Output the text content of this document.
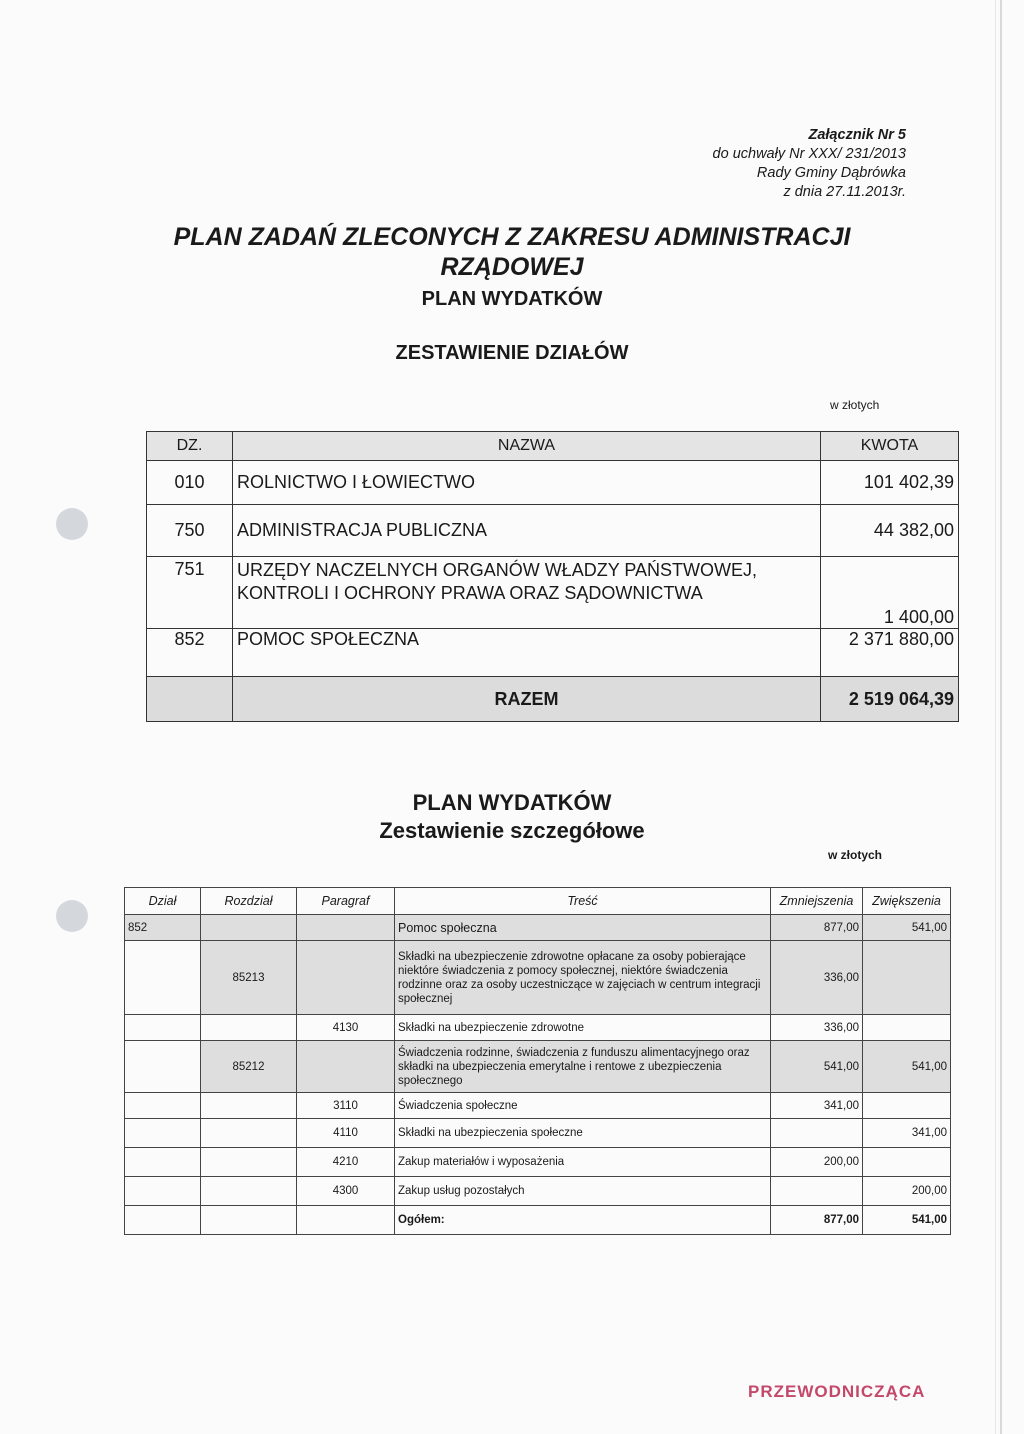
Załącznik Nr 5
do uchwały Nr XXX/ 231/2013
Rady Gminy Dąbrówka
z dnia 27.11.2013r.
PLAN ZADAŃ ZLECONYCH Z ZAKRESU ADMINISTRACJI
RZĄDOWEJ
PLAN WYDATKÓW
ZESTAWIENIE DZIAŁÓW
w złotych
DZ.	NAZWA	KWOTA
010	ROLNICTWO I ŁOWIECTWO	101 402,39
750	ADMINISTRACJA PUBLICZNA	44 382,00
751	URZĘDY NACZELNYCH ORGANÓW WŁADZY PAŃSTWOWEJ, KONTROLI I OCHRONY PRAWA ORAZ SĄDOWNICTWA	1 400,00
852	POMOC SPOŁECZNA	2 371 880,00
	RAZEM	2 519 064,39
PLAN WYDATKÓW
Zestawienie szczegółowe
w złotych
Dział	Rozdział	Paragraf	Treść	Zmniejszenia	Zwiększenia
852			Pomoc społeczna	877,00	541,00
	85213		Składki na ubezpieczenie zdrowotne opłacane za osoby pobierające niektóre świadczenia z pomocy społecznej, niektóre świadczenia rodzinne oraz za osoby uczestniczące w zajęciach w centrum integracji społecznej	336,00	
		4130	Składki na ubezpieczenie zdrowotne	336,00	
	85212		Świadczenia rodzinne, świadczenia z funduszu alimentacyjnego oraz składki na ubezpieczenia emerytalne i rentowe z ubezpieczenia społecznego	541,00	541,00
		3110	Świadczenia społeczne	341,00	
		4110	Składki na ubezpieczenia społeczne		341,00
		4210	Zakup materiałów i wyposażenia	200,00	
		4300	Zakup usług pozostałych		200,00
			Ogółem:	877,00	541,00
PRZEWODNICZĄCA
